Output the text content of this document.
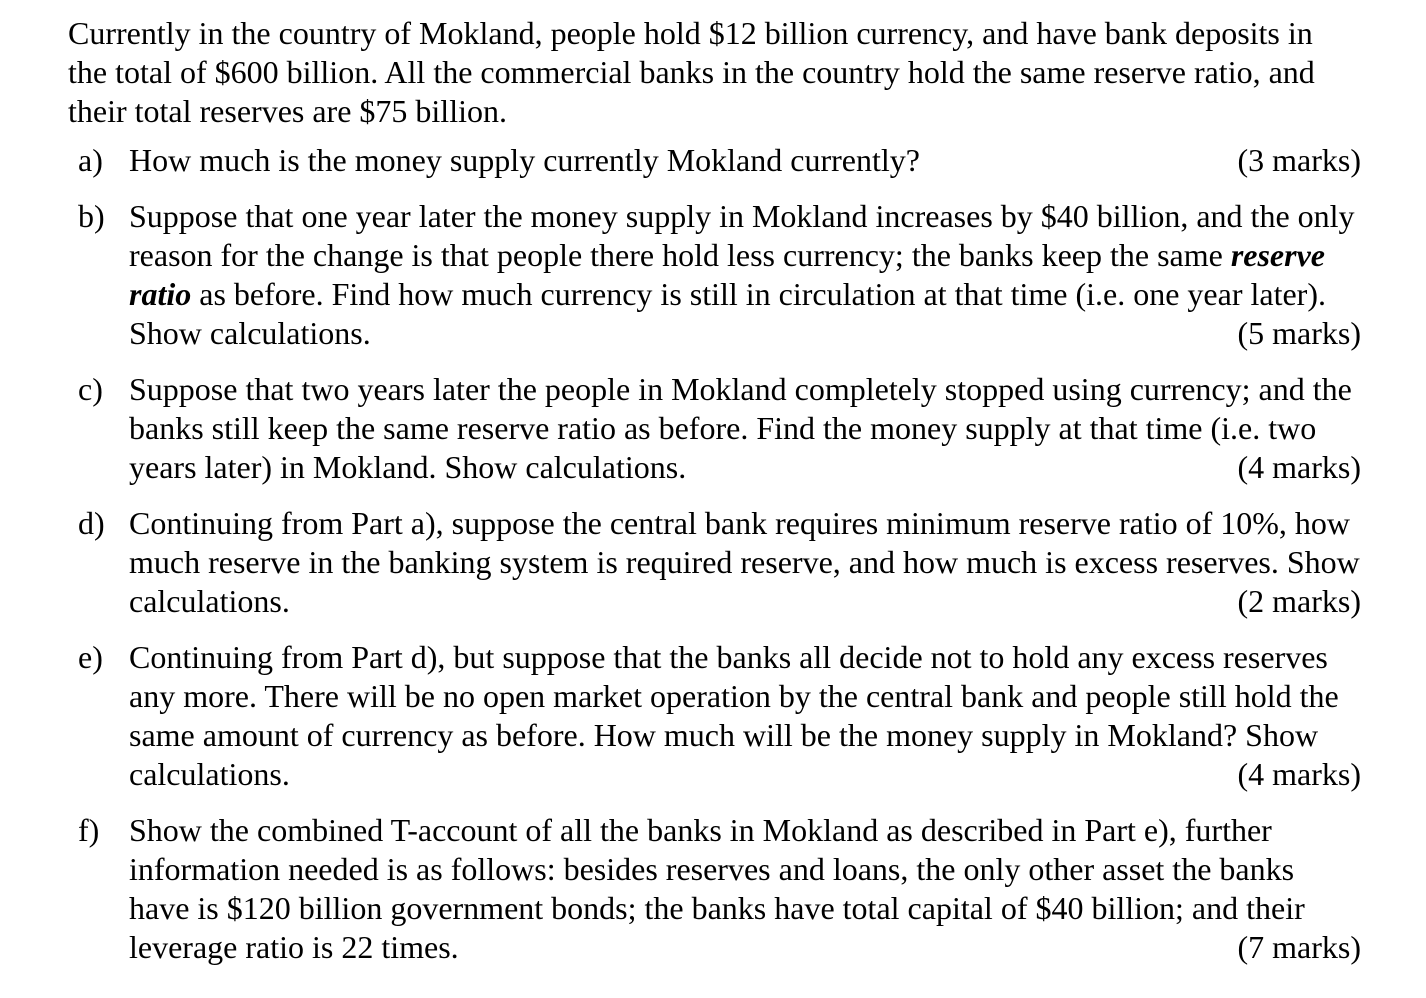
Currently in the country of Mokland, people hold $12 billion currency, and have bank deposits in the total of $600 billion. All the commercial banks in the country hold the same reserve ratio, and their total reserves are $75 billion.

a) How much is the money supply currently Mokland currently?	(3 marks)
b) Suppose that one year later the money supply in Mokland increases by $40 billion, and the only reason for the change is that people there hold less currency; the banks keep the same reserve ratio as before. Find how much currency is still in circulation at that time (i.e. one year later). Show calculations.	(5 marks)
c) Suppose that two years later the people in Mokland completely stopped using currency; and the banks still keep the same reserve ratio as before. Find the money supply at that time (i.e. two years later) in Mokland. Show calculations.	(4 marks)
d) Continuing from Part a), suppose the central bank requires minimum reserve ratio of 10%, how much reserve in the banking system is required reserve, and how much is excess reserves. Show calculations.	(2 marks)
e) Continuing from Part d), but suppose that the banks all decide not to hold any excess reserves any more. There will be no open market operation by the central bank and people still hold the same amount of currency as before. How much will be the money supply in Mokland? Show calculations.	(4 marks)
f) Show the combined T-account of all the banks in Mokland as described in Part e), further information needed is as follows: besides reserves and loans, the only other asset the banks have is $120 billion government bonds; the banks have total capital of $40 billion; and their leverage ratio is 22 times.	(7 marks)
